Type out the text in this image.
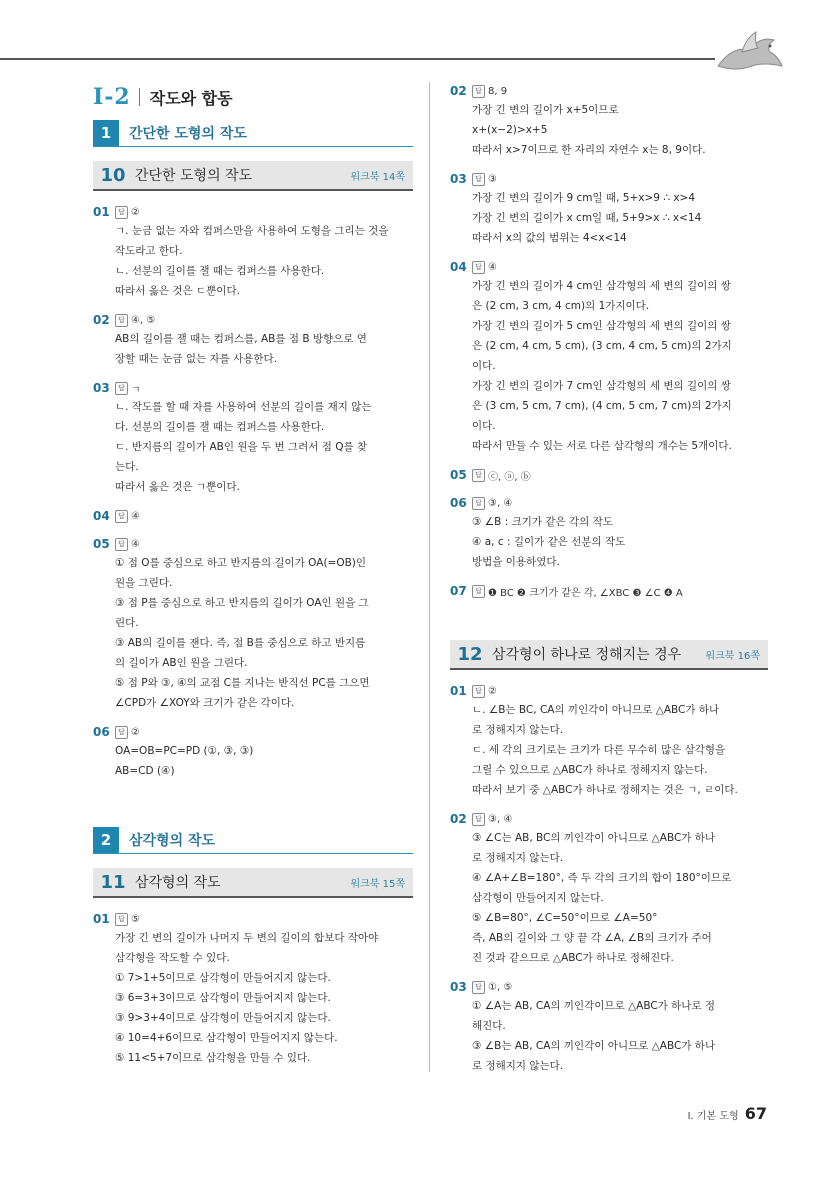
Ⅰ-2 작도와 합동
1	간단한 도형의 작도
10 간단한 도형의 작도	워크북 14쪽
01	답 ②
ㄱ. 눈금 없는 자와 컴퍼스만을 사용하여 도형을 그리는 것을
작도라고 한다.
ㄴ. 선분의 길이를 잴 때는 컴퍼스를 사용한다.
따라서 옳은 것은 ㄷ뿐이다.
02	답 ④, ⑤
AB의 길이를 잴 때는 컴퍼스를, AB를 점 B 방향으로 연
장할 때는 눈금 없는 자를 사용한다.
03	답 ㄱ
ㄴ. 작도를 할 때 자를 사용하여 선분의 길이를 재지 않는
다. 선분의 길이를 잴 때는 컴퍼스를 사용한다.
ㄷ. 반지름의 길이가 AB인 원을 두 번 그려서 점 Q를 찾
는다.
따라서 옳은 것은 ㄱ뿐이다.
04	답 ④
05	답 ④
① 점 O를 중심으로 하고 반지름의 길이가 OA(=OB)인
원을 그린다.
③ 점 P를 중심으로 하고 반지름의 길이가 OA인 원을 그
린다.
③ AB의 길이를 잰다. 즉, 점 B를 중심으로 하고 반지름
의 길이가 AB인 원을 그린다.
⑤ 점 P와 ③, ④의 교점 C를 지나는 반직선 PC를 그으면
∠CPD가 ∠XOY와 크기가 같은 각이다.
06	답 ②
OA=OB=PC=PD (①, ③, ③)
AB=CD (④)
2	삼각형의 작도
11 삼각형의 작도	워크북 15쪽
01	답 ⑤
가장 긴 변의 길이가 나머지 두 변의 길이의 합보다 작아야
삼각형을 작도할 수 있다.
① 7>1+5이므로 삼각형이 만들어지지 않는다.
③ 6=3+3이므로 삼각형이 만들어지지 않는다.
③ 9>3+4이므로 삼각형이 만들어지지 않는다.
④ 10=4+6이므로 삼각형이 만들어지지 않는다.
⑤ 11<5+7이므로 삼각형을 만들 수 있다.
02	답 8, 9
가장 긴 변의 길이가 x+5이므로
x+(x−2)>x+5
따라서 x>7이므로 한 자리의 자연수 x는 8, 9이다.
03	답 ③
가장 긴 변의 길이가 9 cm일 때, 5+x>9 ∴ x>4
가장 긴 변의 길이가 x cm일 때, 5+9>x ∴ x<14
따라서 x의 값의 범위는 4<x<14
04	답 ④
가장 긴 변의 길이가 4 cm인 삼각형의 세 변의 길이의 쌍
은 (2 cm, 3 cm, 4 cm)의 1가지이다.
가장 긴 변의 길이가 5 cm인 삼각형의 세 변의 길이의 쌍
은 (2 cm, 4 cm, 5 cm), (3 cm, 4 cm, 5 cm)의 2가지
이다.
가장 긴 변의 길이가 7 cm인 삼각형의 세 변의 길이의 쌍
은 (3 cm, 5 cm, 7 cm), (4 cm, 5 cm, 7 cm)의 2가지
이다.
따라서 만들 수 있는 서로 다른 삼각형의 개수는 5개이다.
05	답 ⓒ, ⓐ, ⓑ
06	답 ③, ④
③ ∠B : 크기가 같은 각의 작도
④ a, c : 길이가 같은 선분의 작도
방법을 이용하였다.
07	답 ❶ BC ❷ 크기가 같은 각, ∠XBC ❸ ∠C ❹ A
12 삼각형이 하나로 정해지는 경우	워크북 16쪽
01	답 ②
ㄴ. ∠B는 BC, CA의 끼인각이 아니므로 △ABC가 하나
로 정해지지 않는다.
ㄷ. 세 각의 크기로는 크기가 다른 무수히 많은 삼각형을
그릴 수 있으므로 △ABC가 하나로 정해지지 않는다.
따라서 보기 중 △ABC가 하나로 정해지는 것은 ㄱ, ㄹ이다.
02	답 ③, ④
③ ∠C는 AB, BC의 끼인각이 아니므로 △ABC가 하나
로 정해지지 않는다.
④ ∠A+∠B=180°, 즉 두 각의 크기의 합이 180°이므로
삼각형이 만들어지지 않는다.
⑤ ∠B=80°, ∠C=50°이므로 ∠A=50°
즉, AB의 길이와 그 양 끝 각 ∠A, ∠B의 크기가 주어
진 것과 같으므로 △ABC가 하나로 정해진다.
03	답 ①, ⑤
① ∠A는 AB, CA의 끼인각이므로 △ABC가 하나로 정
해진다.
③ ∠B는 AB, CA의 끼인각이 아니므로 △ABC가 하나
로 정해지지 않는다.
Ⅰ. 기본 도형 67
